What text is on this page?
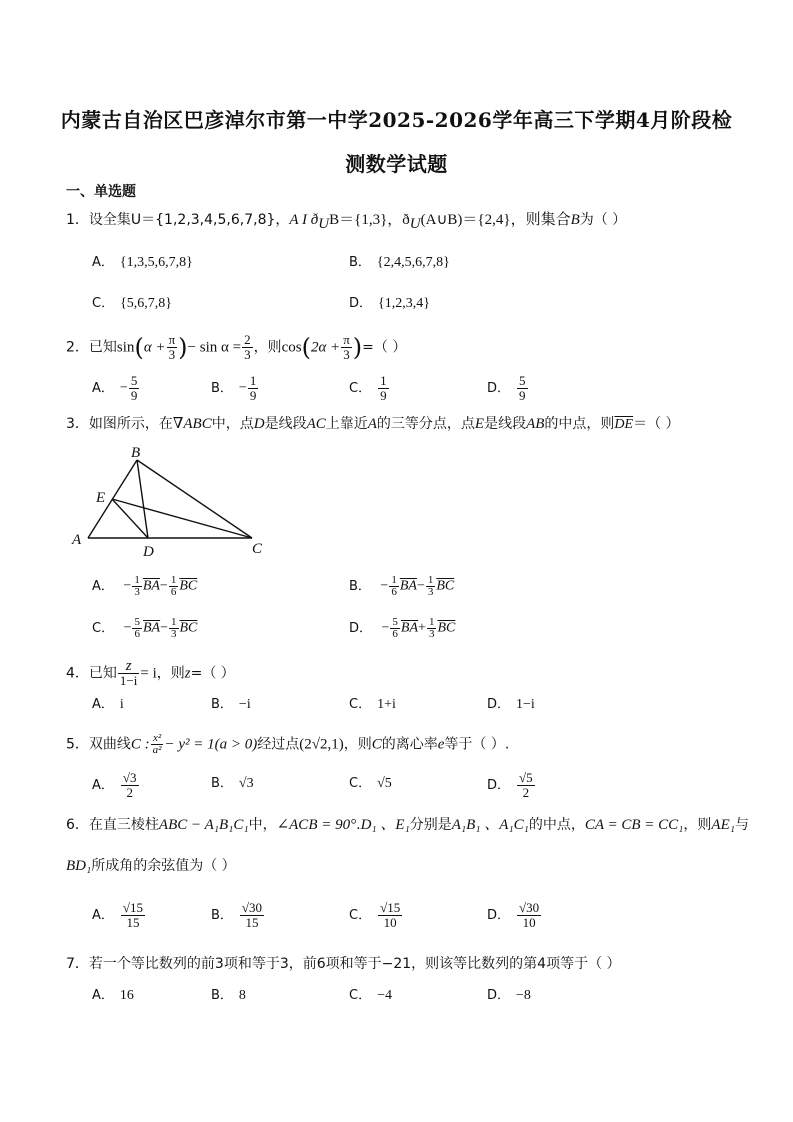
内蒙古自治区巴彦淖尔市第一中学2025-2026学年高三下学期4月阶段检
测数学试题
一、单选题
1．设全集U＝{1,2,3,4,5,6,7,8}，A I $ð_UB=\{1,3\}$，$ð_U(A\cup B)=\{2,4\}$，则集合B为（ ）
A． {1,3,5,6,7,8}	B． {2,4,5,6,7,8}
C． {5,6,7,8}	D． {1,2,3,4}
2．已知$\sin(\alpha + \frac{\pi}{3}$ )− $\sin \alpha = \frac{2}{3}$ ，则$\cos(2\alpha + \frac{\pi}{3}$ )=（ ）
A． − $\frac{5}{9}$	B． − $\frac{1}{9}$	C． $\frac{1}{9}$	D． $\frac{5}{9}$
3．如图所示，在∇ABC中，点D是线段AC上靠近A的三等分点，点E是线段AB的中点，则$\overline{DE}=$（ ）
A
B
C
D
E
A． − $\frac{1}{3} \overline{BA}- \frac{1}{6} \overline{BC}$	B． − $\frac{1}{6} \overline{BA}- \frac{1}{3} \overline{BC}$
C． − $\frac{5}{6} \overline{BA}- \frac{1}{3} \overline{BC}$	D． − $\frac{5}{6} \overline{BA}+ \frac{1}{3} \overline{BC}$
4．已知 $\frac{z}{1-i} = i$，则z=（ ）
A． i	B． −i	C． 1+i	D． 1−i
5．双曲线C : $\frac{\text{x²}}{\text{a²}} - y^2 = 1(a > 0)$经过点(2√2,1)，则C的离心率e等于（ ）.
A． $\frac{√3}{2}$	B． √3	C． √5	D． $\frac{√5}{2}$
6．在直三棱柱ABC − A₁B₁C₁中，∠ACB = 90°.D₁ 、E₁分别是A₁B₁ 、A₁C₁的中点，CA = CB = CC₁，则AE₁与
BD₁所成角的余弦值为（ ）
A． $\frac{√15}{15}$	B． $\frac{√30}{15}$	C． $\frac{√15}{10}$	D． $\frac{√30}{10}$
7．若一个等比数列的前3项和等于3，前6项和等于−21，则该等比数列的第4项等于（ ）
A． 16	B． 8	C． −4	D． −8
